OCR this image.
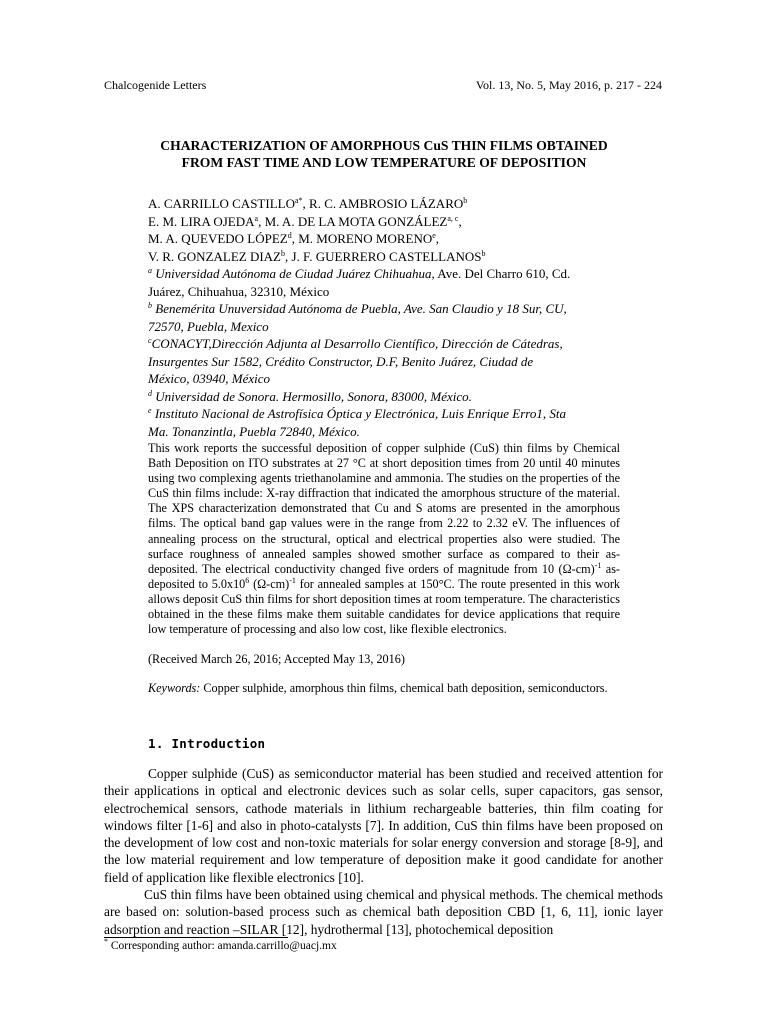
Chalcogenide Letters	Vol. 13, No. 5, May 2016, p. 217 - 224
CHARACTERIZATION OF AMORPHOUS CuS THIN FILMS OBTAINED
FROM FAST TIME AND LOW TEMPERATURE OF DEPOSITION

A. CARRILLO $CASTILLO^{a*}$, R. C. AMBROSIO LÁZARO$^b$

E. M. LIRA OJEDA$^a$, M. A. DE LA MOTA GONZÁLEZ$^{a, c}$,

M. A. QUEVEDO LÓPEZ$^d$, M. MORENO MORENO$^e$,

V. R. GONZALEZ DIAZ$^b$, J. F. GUERRERO CASTELLANOS$^b$

$^a$ Universidad Autónoma de Ciudad Juárez Chihuahua, Ave. Del Charro 610, Cd.

Juárez, Chihuahua, 32310, México

$^b$ Benemérita Unuversidad Autónoma de Puebla, Ave. San Claudio y 18 Sur, CU,

72570, Puebla, Mexico

$^c$CONACYT,Dirección Adjunta al Desarrollo Científico, Dirección de Cátedras,

Insurgentes Sur 1582, Crédito Constructor, D.F, Benito Juárez, Ciudad de

México, 03940, México

$^d$ Universidad de Sonora. Hermosillo, Sonora, 83000, México.

$^e$ Instituto Nacional de Astrofísica Óptica y Electrónica, Luis Enrique Erro1, Sta

Ma. Tonanzintla, Puebla 72840, México.

This work reports the successful deposition of copper sulphide (CuS) thin films by Chemical Bath Deposition on ITO substrates at 27 °C at short deposition times from 20 until 40 minutes using two complexing agents triethanolamine and ammonia. The studies on the properties of the CuS thin films include: X-ray diffraction that indicated the amorphous structure of the material. The XPS characterization demonstrated that Cu and S atoms are presented in the amorphous films. The optical band gap values were in the range from 2.22 to 2.32 eV. The influences of annealing process on the structural, optical and electrical properties also were studied. The surface roughness of annealed samples showed smother surface as compared to their as-deposited. The electrical conductivity changed five orders of magnitude from 10 $(\Omega-cm)^{-1}$ as-deposited to $5.0x10^6$ $(\Omega-cm)^{-1}$ for annealed samples at 150°C. The route presented in this work allows deposit CuS thin films for short deposition times at room temperature. The characteristics obtained in the these films make them suitable candidates for device applications that require low temperature of processing and also low cost, like flexible electronics.

(Received March 26, 2016; Accepted May 13, 2016)
Keywords: Copper sulphide, amorphous thin films, chemical bath deposition, semiconductors.
1. Introduction

Copper sulphide (CuS) as semiconductor material has been studied and received attention for their applications in optical and electronic devices such as solar cells, super capacitors, gas sensor, electrochemical sensors, cathode materials in lithium rechargeable batteries, thin film coating for windows filter [1-6] and also in photo-catalysts [7]. In addition, CuS thin films have been proposed on the development of low cost and non-toxic materials for solar energy conversion and storage [8-9], and the low material requirement and low temperature of deposition make it good candidate for another field of application like flexible electronics [10].

CuS thin films have been obtained using chemical and physical methods. The chemical methods are based on: solution-based process such as chemical bath deposition CBD [1, 6, 11], ionic layer adsorption and reaction –SILAR [12], hydrothermal [13], photochemical deposition

* Corresponding author: amanda.carrillo@uacj.mx
